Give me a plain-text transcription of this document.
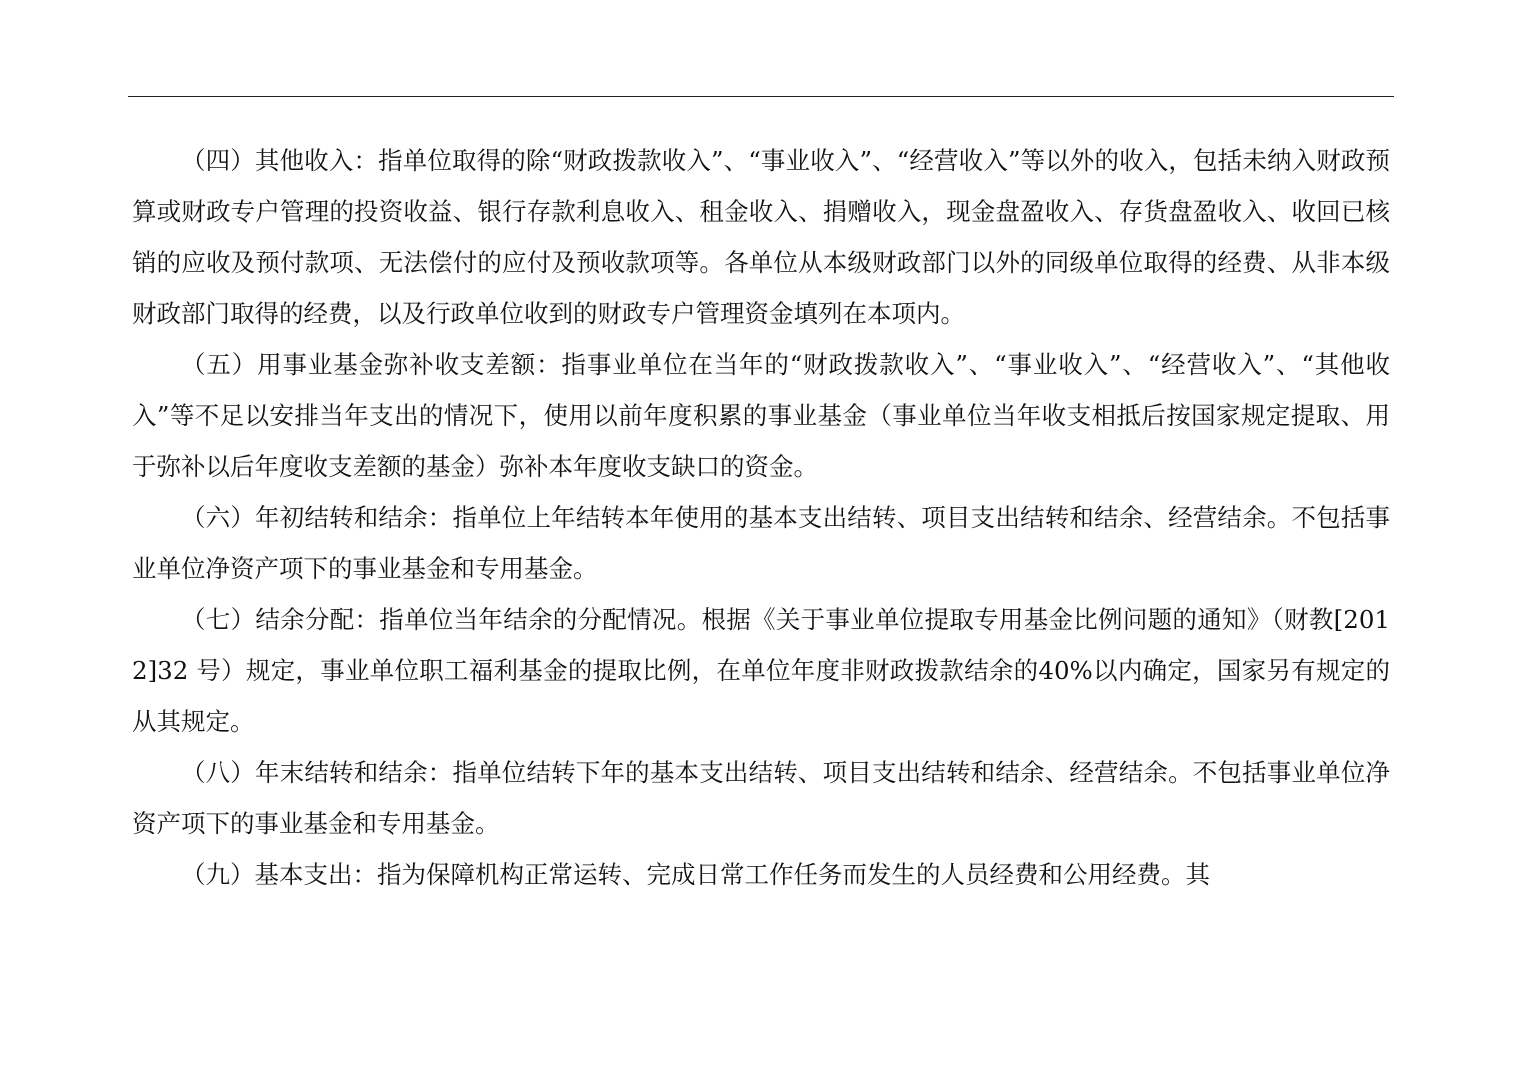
（四）其他收入：指单位取得的除“财政拨款收入”、“事业收入”、“经营收入”等以外的收入，包括未纳入财政预算或财政专户管理的投资收益、银行存款利息收入、租金收入、捐赠收入，现金盘盈收入、存货盘盈收入、收回已核销的应收及预付款项、无法偿付的应付及预收款项等。各单位从本级财政部门以外的同级单位取得的经费、从非本级财政部门取得的经费，以及行政单位收到的财政专户管理资金填列在本项内。

（五）用事业基金弥补收支差额：指事业单位在当年的“财政拨款收入”、“事业收入”、“经营收入”、“其他收入”等不足以安排当年支出的情况下，使用以前年度积累的事业基金（事业单位当年收支相抵后按国家规定提取、用于弥补以后年度收支差额的基金）弥补本年度收支缺口的资金。

（六）年初结转和结余：指单位上年结转本年使用的基本支出结转、项目支出结转和结余、经营结余。不包括事业单位净资产项下的事业基金和专用基金。

（七）结余分配：指单位当年结余的分配情况。根据《关于事业单位提取专用基金比例问题的通知》（财教[2012]32 号）规定，事业单位职工福利基金的提取比例，在单位年度非财政拨款结余的40%以内确定，国家另有规定的从其规定。

（八）年末结转和结余：指单位结转下年的基本支出结转、项目支出结转和结余、经营结余。不包括事业单位净资产项下的事业基金和专用基金。

（九）基本支出：指为保障机构正常运转、完成日常工作任务而发生的人员经费和公用经费。其
